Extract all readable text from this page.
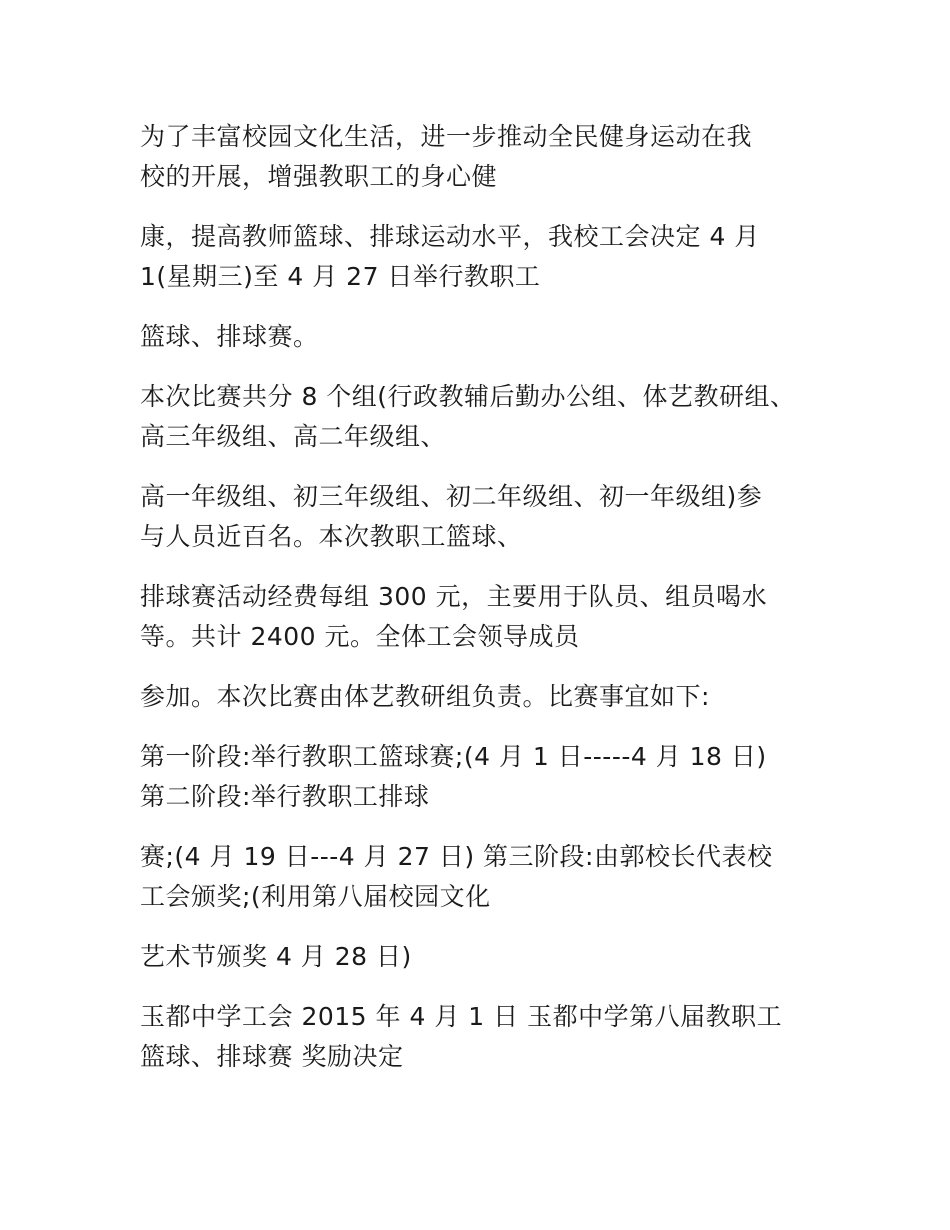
为了丰富校园文化生活，进一步推动全民健身运动在我
校的开展，增强教职工的身心健

康，提高教师篮球、排球运动水平，我校工会决定 4 月
1(星期三)至 4 月 27 日举行教职工

篮球、排球赛。

本次比赛共分 8 个组(行政教辅后勤办公组、体艺教研组、
高三年级组、高二年级组、

高一年级组、初三年级组、初二年级组、初一年级组)参
与人员近百名。本次教职工篮球、

排球赛活动经费每组 300 元，主要用于队员、组员喝水
等。共计 2400 元。全体工会领导成员

参加。本次比赛由体艺教研组负责。比赛事宜如下:

第一阶段:举行教职工篮球赛;(4 月 1 日-----4 月 18 日)
第二阶段:举行教职工排球

赛;(4 月 19 日---4 月 27 日) 第三阶段:由郭校长代表校
工会颁奖;(利用第八届校园文化

艺术节颁奖 4 月 28 日)

玉都中学工会 2015 年 4 月 1 日 玉都中学第八届教职工
篮球、排球赛 奖励决定
